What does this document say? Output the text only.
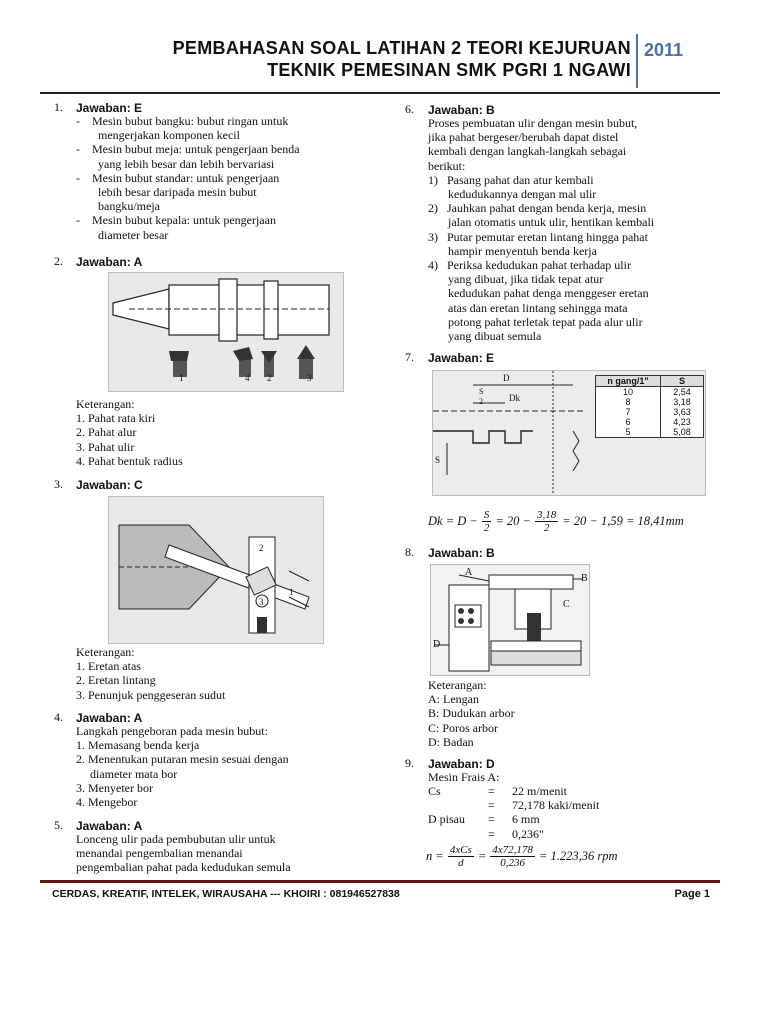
PEMBAHASAN SOAL LATIHAN 2 TEORI KEJURUAN
TEKNIK PEMESINAN SMK PGRI 1 NGAWI
2011
1. Jawaban: E
-    Mesin bubut bangku: bubut ringan untuk
mengerjakan komponen kecil
-    Mesin bubut meja: untuk pengerjaan benda
yang lebih besar dan lebih bervariasi
-    Mesin bubut standar: untuk pengerjaan
lebih besar daripada mesin bubut
bangku/meja
-    Mesin bubut kepala: untuk pengerjaan
diameter besar
2. Jawaban: A
1	4 2	3
Keterangan:
1. Pahat rata kiri
2. Pahat alur
3. Pahat ulir
4. Pahat bentuk radius
3. Jawaban: C
2
1
3
Keterangan:
1. Eretan atas
2. Eretan lintang
3. Penunjuk penggeseran sudut
4. Jawaban: A
Langkah pengeboran pada mesin bubut:
1. Memasang benda kerja
2. Menentukan putaran mesin sesuai dengan
diameter mata bor
3. Menyeter bor
4. Mengebor
5. Jawaban: A
Lonceng ulir pada pembubutan ulir untuk
menandai pengembalian menandai
pengembalian pahat pada kedudukan semula
6. Jawaban: B
Proses pembuatan ulir dengan mesin bubut,
jika pahat bergeser/berubah dapat distel
kembali dengan langkah-langkah sebagai
berikut:
1) Pasang pahat dan atur kembali
kedudukannya dengan mal ulir
2) Jauhkan pahat dengan benda kerja, mesin
jalan otomatis untuk ulir, hentikan kembali
3) Putar pemutar eretan lintang hingga pahat
hampir menyentuh benda kerja
4) Periksa kedudukan pahat terhadap ulir
yang dibuat, jika tidak tepat atur
kedudukan pahat denga menggeser eretan
atas dan eretan lintang sehingga mata
potong pahat terletak tepat pada alur ulir
yang dibuat semula
7. Jawaban: E
D
S
2	Dk
S
n gang/1"	S
10	2,54
8	3,18
7	3,63
6	4,23
5	5,08
$Dk = D - \frac{S}{2} = 20 - \frac{3,18}{2} = 20 - 1,59 = 18,41mm$
8. Jawaban: B
A
B
C
D
Keterangan:
A: Lengan
B: Dudukan arbor
C: Poros arbor
D: Badan
9. Jawaban: D
Mesin Frais A:
Cs	=	22 m/menit
=	72,178 kaki/menit
D pisau	=	6 mm
=	0,236"
n = 4xCs
$d = \frac{4x72,178}{0,236} = 1.223,36$ rpm
CERDAS, KREATIF, INTELEK, WIRAUSAHA --- KHOIRI : 081946527838	Page 1
